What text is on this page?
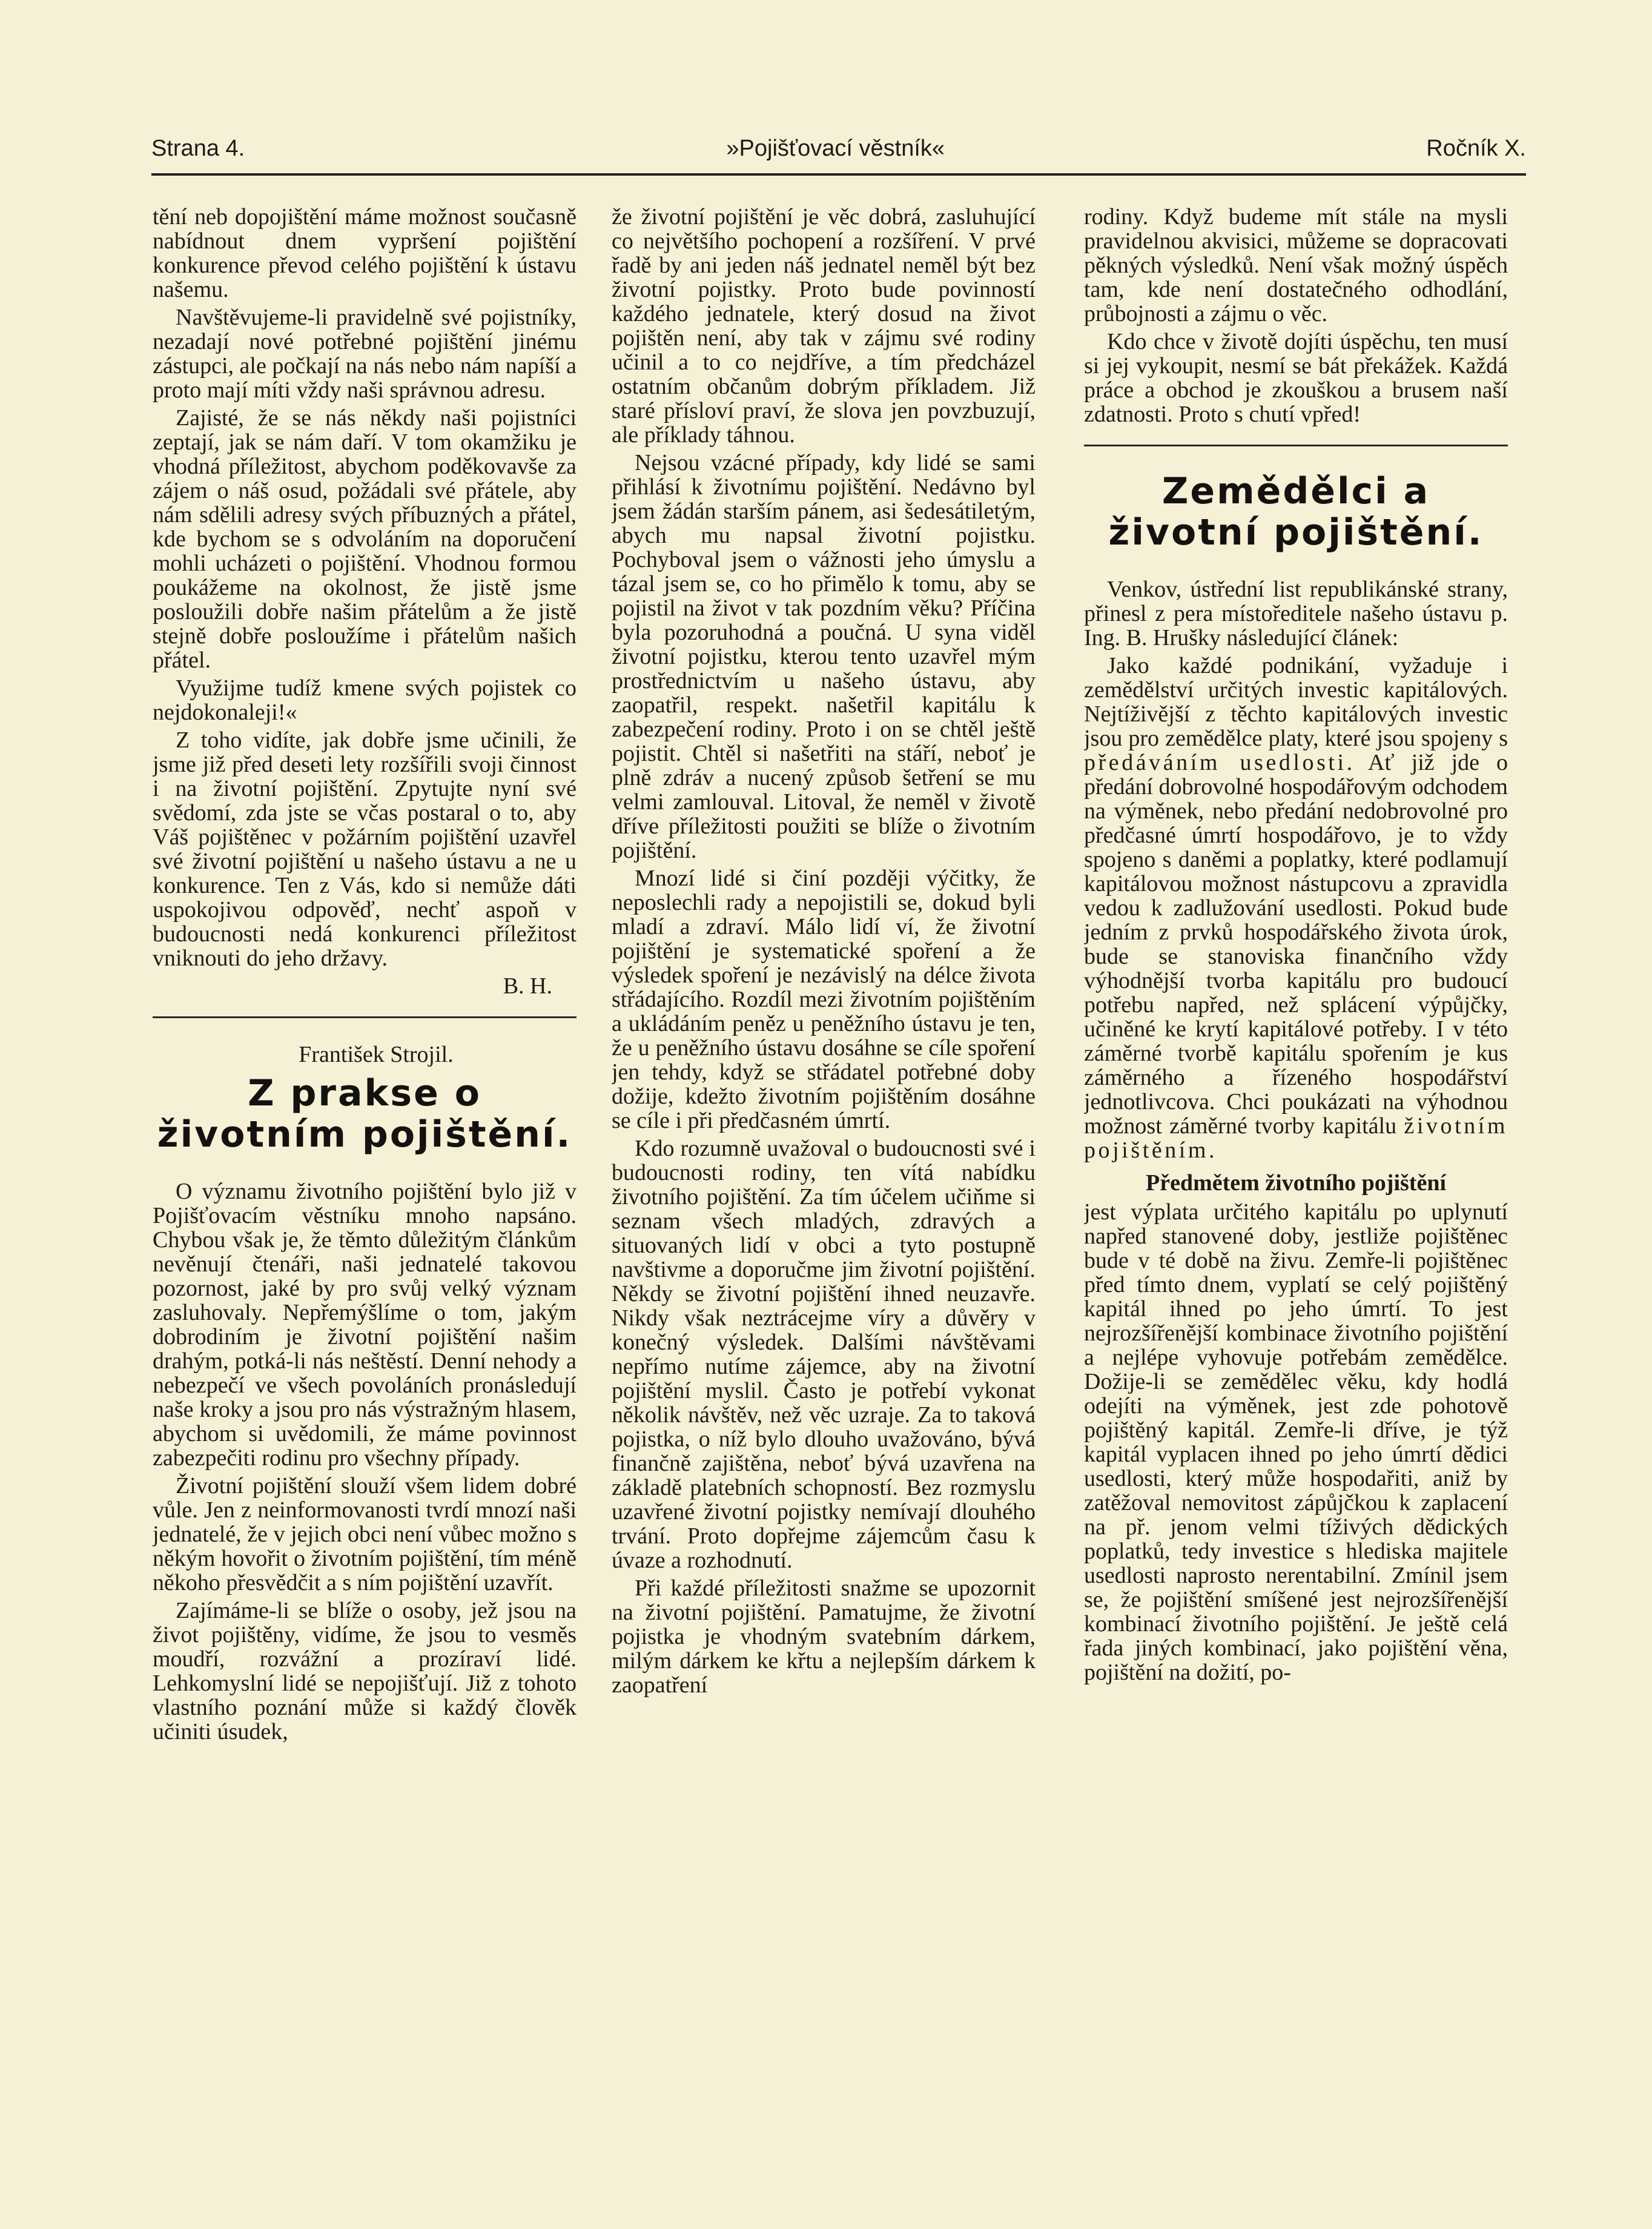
Strana 4.	»Pojišťovací věstník«	Ročník X.

tění neb dopojištění máme možnost současně nabídnout dnem vypršení pojištění konkurence převod celého pojištění k ústavu našemu.

Navštěvujeme-li pravidelně své pojistníky, nezadají nové potřebné pojištění jinému zástupci, ale počkají na nás nebo nám napíší a proto mají míti vždy naši správnou adresu.

Zajisté, že se nás někdy naši pojistníci zeptají, jak se nám daří. V tom okamžiku je vhodná příležitost, abychom poděkovavše za zájem o náš osud, požádali své přátele, aby nám sdělili adresy svých příbuzných a přátel, kde bychom se s odvoláním na doporučení mohli ucházeti o pojištění. Vhodnou formou poukážeme na okolnost, že jistě jsme posloužili dobře našim přátelům a že jistě stejně dobře posloužíme i přátelům našich přátel.

Využijme tudíž kmene svých pojistek co nejdokonaleji!«

Z toho vidíte, jak dobře jsme učinili, že jsme již před deseti lety rozšířili svoji činnost i na životní pojištění. Zpytujte nyní své svědomí, zda jste se včas postaral o to, aby Váš pojištěnec v požárním pojištění uzavřel své životní pojištění u našeho ústavu a ne u konkurence. Ten z Vás, kdo si nemůže dáti uspokojivou odpověď, nechť aspoň v budoucnosti nedá konkurenci příležitost vniknouti do jeho državy.

B. H.

František Strojil.

Z prakse o životním pojištění.

O významu životního pojištění bylo již v Pojišťovacím věstníku mnoho napsáno. Chybou však je, že těmto důležitým článkům nevěnují čtenáři, naši jednatelé takovou pozornost, jaké by pro svůj velký význam zasluhovaly. Nepřemýšlíme o tom, jakým dobrodiním je životní pojištění našim drahým, potká-li nás neštěstí. Denní nehody a nebezpečí ve všech povoláních pronásledují naše kroky a jsou pro nás výstražným hlasem, abychom si uvědomili, že máme povinnost zabezpečiti rodinu pro všechny případy.

Životní pojištění slouží všem lidem dobré vůle. Jen z neinformovanosti tvrdí mnozí naši jednatelé, že v jejich obci není vůbec možno s někým hovořit o životním pojištění, tím méně někoho přesvědčit a s ním pojištění uzavřít.

Zajímáme-li se blíže o osoby, jež jsou na život pojištěny, vidíme, že jsou to vesměs moudří, rozvážní a prozíraví lidé. Lehkomyslní lidé se nepojišťují. Již z tohoto vlastního poznání může si každý člověk učiniti úsudek,

že životní pojištění je věc dobrá, zasluhující co největšího pochopení a rozšíření. V prvé řadě by ani jeden náš jednatel neměl být bez životní pojistky. Proto bude povinností každého jednatele, který dosud na život pojištěn není, aby tak v zájmu své rodiny učinil a to co nejdříve, a tím předcházel ostatním občanům dobrým příkladem. Již staré přísloví praví, že slova jen povzbuzují, ale příklady táhnou.

Nejsou vzácné případy, kdy lidé se sami přihlásí k životnímu pojištění. Nedávno byl jsem žádán starším pánem, asi šedesátiletým, abych mu napsal životní pojistku. Pochyboval jsem o vážnosti jeho úmyslu a tázal jsem se, co ho přimělo k tomu, aby se pojistil na život v tak pozdním věku? Příčina byla pozoruhodná a poučná. U syna viděl životní pojistku, kterou tento uzavřel mým prostřednictvím u našeho ústavu, aby zaopatřil, respekt. našetřil kapitálu k zabezpečení rodiny. Proto i on se chtěl ještě pojistit. Chtěl si našetřiti na stáří, neboť je plně zdráv a nucený způsob šetření se mu velmi zamlouval. Litoval, že neměl v životě dříve příležitosti použiti se blíže o životním pojištění.

Mnozí lidé si činí později výčitky, že neposlechli rady a nepojistili se, dokud byli mladí a zdraví. Málo lidí ví, že životní pojištění je systematické spoření a že výsledek spoření je nezávislý na délce života střádajícího. Rozdíl mezi životním pojištěním a ukládáním peněz u peněžního ústavu je ten, že u peněžního ústavu dosáhne se cíle spoření jen tehdy, když se střádatel potřebné doby dožije, kdežto životním pojištěním dosáhne se cíle i při předčasném úmrtí.

Kdo rozumně uvažoval o budoucnosti své i budoucnosti rodiny, ten vítá nabídku životního pojištění. Za tím účelem učiňme si seznam všech mladých, zdravých a situovaných lidí v obci a tyto postupně navštivme a doporučme jim životní pojištění. Někdy se životní pojištění ihned neuzavře. Nikdy však neztrácejme víry a důvěry v konečný výsledek. Dalšími návštěvami nepřímo nutíme zájemce, aby na životní pojištění myslil. Často je potřebí vykonat několik návštěv, než věc uzraje. Za to taková pojistka, o níž bylo dlouho uvažováno, bývá finančně zajištěna, neboť bývá uzavřena na základě platebních schopností. Bez rozmyslu uzavřené životní pojistky nemívají dlouhého trvání. Proto dopřejme zájemcům času k úvaze a rozhodnutí.

Při každé příležitosti snažme se upozornit na životní pojištění. Pamatujme, že životní pojistka je vhodným svatebním dárkem, milým dárkem ke křtu a nejlepším dárkem k zaopatření

rodiny. Když budeme mít stále na mysli pravidelnou akvisici, můžeme se dopracovati pěkných výsledků. Není však možný úspěch tam, kde není dostatečného odhodlání, průbojnosti a zájmu o věc.

Kdo chce v životě dojíti úspěchu, ten musí si jej vykoupit, nesmí se bát překážek. Každá práce a obchod je zkouškou a brusem naší zdatnosti. Proto s chutí vpřed!

Zemědělci a životní pojištění.

Venkov, ústřední list republikánské strany, přinesl z pera místoředitele našeho ústavu p. Ing. B. Hrušky následující článek:

Jako každé podnikání, vyžaduje i zemědělství určitých investic kapitálových. Nejtíživější z těchto kapitálových investic jsou pro zemědělce platy, které jsou spojeny s předáváním usedlosti. Ať již jde o předání dobrovolné hospodářovým odchodem na výměnek, nebo předání nedobrovolné pro předčasné úmrtí hospodářovo, je to vždy spojeno s daněmi a poplatky, které podlamují kapitálovou možnost nástupcovu a zpravidla vedou k zadlužování usedlosti. Pokud bude jedním z prvků hospodářského života úrok, bude se stanoviska finančního vždy výhodnější tvorba kapitálu pro budoucí potřebu napřed, než splácení výpůjčky, učiněné ke krytí kapitálové potřeby. I v této záměrné tvorbě kapitálu spořením je kus záměrného a řízeného hospodářství jednotlivcova. Chci poukázati na výhodnou možnost záměrné tvorby kapitálu životním pojištěním.

Předmětem životního pojištění

jest výplata určitého kapitálu po uplynutí napřed stanovené doby, jestliže pojištěnec bude v té době na živu. Zemře-li pojištěnec před tímto dnem, vyplatí se celý pojištěný kapitál ihned po jeho úmrtí. To jest nejrozšířenější kombinace životního pojištění a nejlépe vyhovuje potřebám zemědělce. Dožije-li se zemědělec věku, kdy hodlá odejíti na výměnek, jest zde pohotově pojištěný kapitál. Zemře-li dříve, je týž kapitál vyplacen ihned po jeho úmrtí dědici usedlosti, který může hospodařiti, aniž by zatěžoval nemovitost zápůjčkou k zaplacení na př. jenom velmi tíživých dědických poplatků, tedy investice s hlediska majitele usedlosti naprosto nerentabilní. Zmínil jsem se, že pojištění smíšené jest nejrozšířenější kombinací životního pojištění. Je ještě celá řada jiných kombinací, jako pojištění věna, pojištění na dožití, po-
